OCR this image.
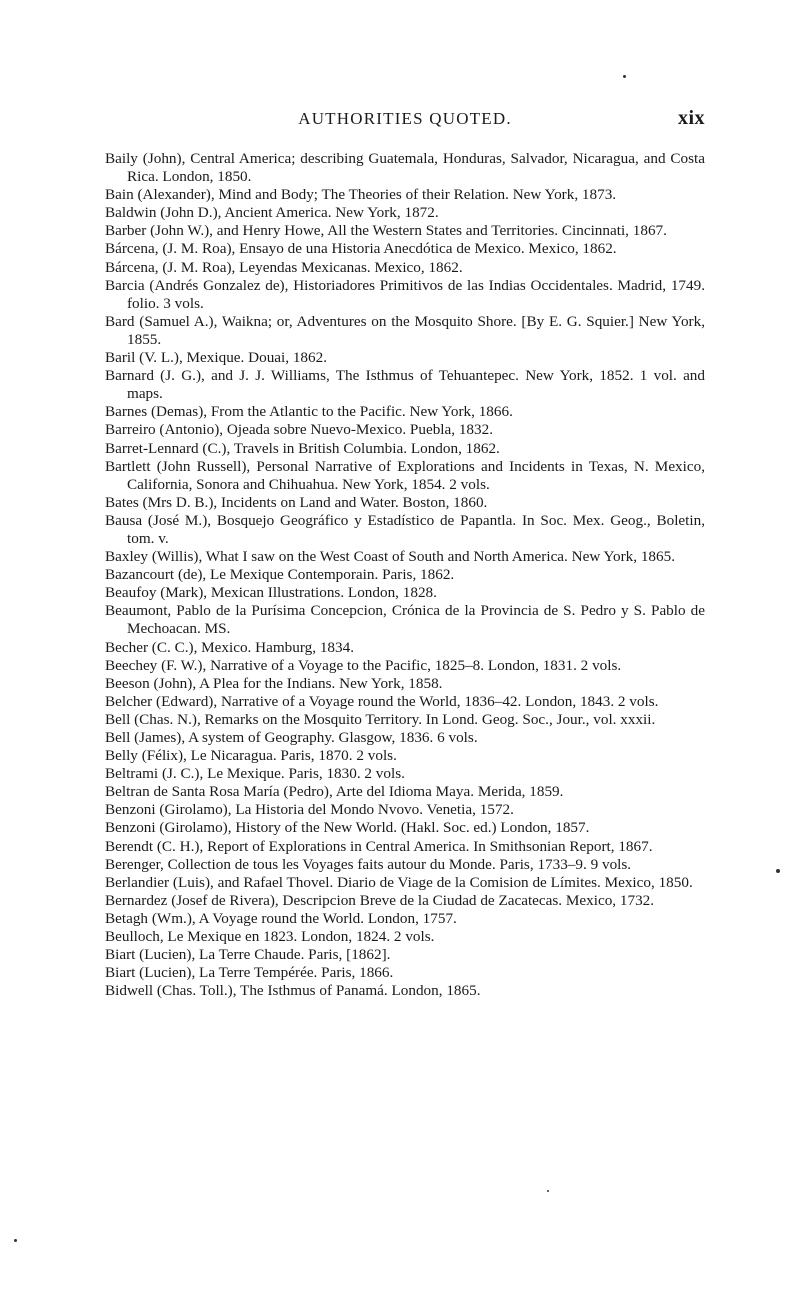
AUTHORITIES QUOTED.	xix
Baily (John), Central America; describing Guatemala, Honduras, Salvador, Nicaragua, and Costa Rica. London, 1850.
Bain (Alexander), Mind and Body; The Theories of their Relation. New York, 1873.
Baldwin (John D.), Ancient America. New York, 1872.
Barber (John W.), and Henry Howe, All the Western States and Territories. Cincinnati, 1867.
Bárcena, (J. M. Roa), Ensayo de una Historia Anecdótica de Mexico. Mexico, 1862.
Bárcena, (J. M. Roa), Leyendas Mexicanas. Mexico, 1862.
Barcia (Andrés Gonzalez de), Historiadores Primitivos de las Indias Occidentales. Madrid, 1749. folio. 3 vols.
Bard (Samuel A.), Waikna; or, Adventures on the Mosquito Shore. [By E. G. Squier.] New York, 1855.
Baril (V. L.), Mexique. Douai, 1862.
Barnard (J. G.), and J. J. Williams, The Isthmus of Tehuantepec. New York, 1852. 1 vol. and maps.
Barnes (Demas), From the Atlantic to the Pacific. New York, 1866.
Barreiro (Antonio), Ojeada sobre Nuevo-Mexico. Puebla, 1832.
Barret-Lennard (C.), Travels in British Columbia. London, 1862.
Bartlett (John Russell), Personal Narrative of Explorations and Incidents in Texas, N. Mexico, California, Sonora and Chihuahua. New York, 1854. 2 vols.
Bates (Mrs D. B.), Incidents on Land and Water. Boston, 1860.
Bausa (José M.), Bosquejo Geográfico y Estadístico de Papantla. In Soc. Mex. Geog., Boletin, tom. v.
Baxley (Willis), What I saw on the West Coast of South and North America. New York, 1865.
Bazancourt (de), Le Mexique Contemporain. Paris, 1862.
Beaufoy (Mark), Mexican Illustrations. London, 1828.
Beaumont, Pablo de la Purísima Concepcion, Crónica de la Provincia de S. Pedro y S. Pablo de Mechoacan. MS.
Becher (C. C.), Mexico. Hamburg, 1834.
Beechey (F. W.), Narrative of a Voyage to the Pacific, 1825–8. London, 1831. 2 vols.
Beeson (John), A Plea for the Indians. New York, 1858.
Belcher (Edward), Narrative of a Voyage round the World, 1836–42. London, 1843. 2 vols.
Bell (Chas. N.), Remarks on the Mosquito Territory. In Lond. Geog. Soc., Jour., vol. xxxii.
Bell (James), A system of Geography. Glasgow, 1836. 6 vols.
Belly (Félix), Le Nicaragua. Paris, 1870. 2 vols.
Beltrami (J. C.), Le Mexique. Paris, 1830. 2 vols.
Beltran de Santa Rosa María (Pedro), Arte del Idioma Maya. Merida, 1859.
Benzoni (Girolamo), La Historia del Mondo Nvovo. Venetia, 1572.
Benzoni (Girolamo), History of the New World. (Hakl. Soc. ed.) London, 1857.
Berendt (C. H.), Report of Explorations in Central America. In Smithsonian Report, 1867.
Berenger, Collection de tous les Voyages faits autour du Monde. Paris, 1733–9. 9 vols.
Berlandier (Luis), and Rafael Thovel. Diario de Viage de la Comision de Límites. Mexico, 1850.
Bernardez (Josef de Rivera), Descripcion Breve de la Ciudad de Zacatecas. Mexico, 1732.
Betagh (Wm.), A Voyage round the World. London, 1757.
Beulloch, Le Mexique en 1823. London, 1824. 2 vols.
Biart (Lucien), La Terre Chaude. Paris, [1862].
Biart (Lucien), La Terre Tempérée. Paris, 1866.
Bidwell (Chas. Toll.), The Isthmus of Panamá. London, 1865.
